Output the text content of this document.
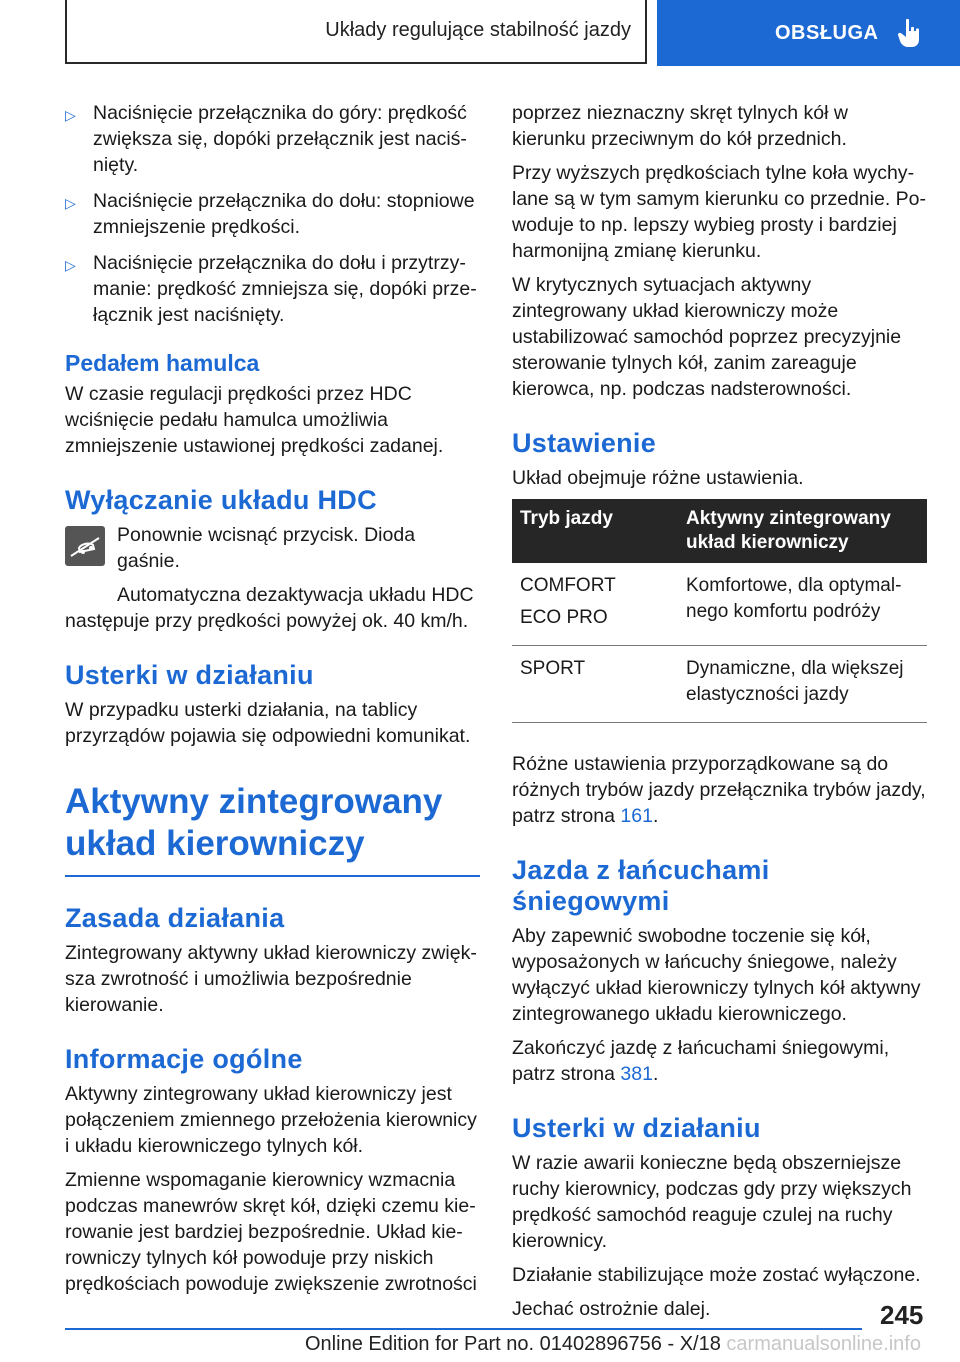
Układy regulujące stabilność jazdy	OBSŁUGA
▷ Naciśnięcie przełącznika do góry: prędkość zwiększa się, dopóki przełącznik jest naciśnięty.
▷ Naciśnięcie przełącznika do dołu: stopniowe zmniejszenie prędkości.
▷ Naciśnięcie przełącznika do dołu i przytrzymanie: prędkość zmniejsza się, dopóki przełącznik jest naciśnięty.
Pedałem hamulca

W czasie regulacji prędkości przez HDC wciśnięcie pedału hamulca umożliwia zmniejszenie ustawionej prędkości zadanej.

Wyłączanie układu HDC

Ponownie wcisnąć przycisk. Dioda gaśnie.

Automatyczna dezaktywacja układu HDC następuje przy prędkości powyżej ok. 40 km/h.

Usterki w działaniu

W przypadku usterki działania, na tablicy przyrządów pojawia się odpowiedni komunikat.

Aktywny zintegrowany układ kierowniczy
Zasada działania

Zintegrowany aktywny układ kierowniczy zwiększa zwrotność i umożliwia bezpośrednie kierowanie.

Informacje ogólne

Aktywny zintegrowany układ kierowniczy jest połączeniem zmiennego przełożenia kierownicy i układu kierowniczego tylnych kół.

Zmienne wspomaganie kierownicy wzmacnia podczas manewrów skręt kół, dzięki czemu kierowanie jest bardziej bezpośrednie. Układ kierowniczy tylnych kół powoduje przy niskich prędkościach powoduje zwiększenie zwrotności

poprzez nieznaczny skręt tylnych kół w kierunku przeciwnym do kół przednich.

Przy wyższych prędkościach tylne koła wychylane są w tym samym kierunku co przednie. Powoduje to np. lepszy wybieg prosty i bardziej harmonijną zmianę kierunku.

W krytycznych sytuacjach aktywny zintegrowany układ kierowniczy może ustabilizować samochód poprzez precyzyjnie sterowanie tylnych kół, zanim zareaguje kierowca, np. podczas nadsterowności.

Ustawienie

Układ obejmuje różne ustawienia.

Tryb jazdy	Aktywny zintegrowany układ kierowniczy
COMFORT
ECO PRO	Komfortowe, dla optymalnego komfortu podróży
SPORT	Dynamiczne, dla większej elastyczności jazdy

Różne ustawienia przyporządkowane są do różnych trybów jazdy przełącznika trybów jazdy, patrz strona 161.

Jazda z łańcuchami śniegowymi

Aby zapewnić swobodne toczenie się kół, wyposażonych w łańcuchy śniegowe, należy wyłączyć układ kierowniczy tylnych kół aktywny zintegrowanego układu kierowniczego.

Zakończyć jazdę z łańcuchami śniegowymi, patrz strona 381.

Usterki w działaniu

W razie awarii konieczne będą obszerniejsze ruchy kierownicy, podczas gdy przy większych prędkość samochód reaguje czulej na ruchy kierownicy.

Działanie stabilizujące może zostać wyłączone.

Jechać ostrożnie dalej.	245
Online Edition for Part no. 01402896756 - X/18 carmanualsonline.info
